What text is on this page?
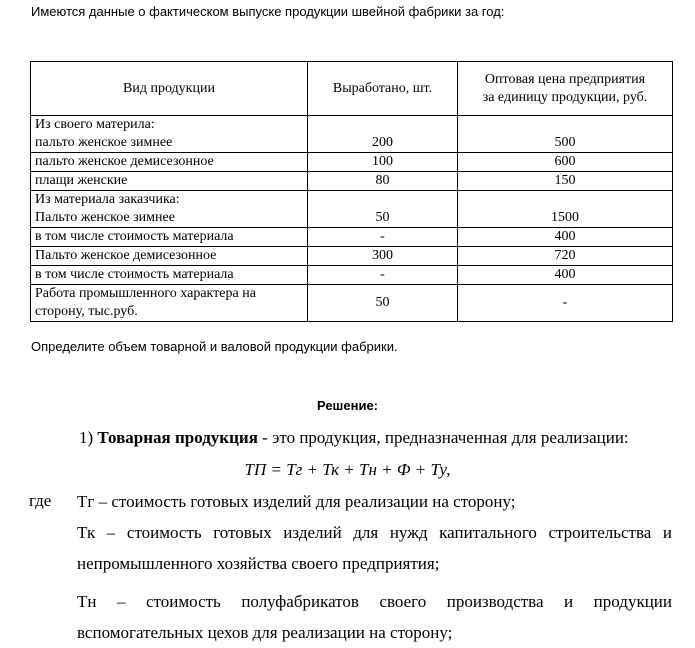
Имеются данные о фактическом выпуске продукции швейной фабрики за год:
Вид продукции	Выработано, шт.	Оптовая цена предприятия
за единицу продукции, руб.

Из своего материла:
пальто женское зимнее	200	500
пальто женское демисезонное	100	600
плащи женские	80	150

Из материала заказчика:
Пальто женское зимнее	50	1500
в том числе стоимость материала	-	400
Пальто женское демисезонное	300	720
в том числе стоимость материала	-	400

Работа промышленного характера на
сторону, тыс.руб.	50	-
Определите объем товарной и валовой продукции фабрики.
Решение:
1) Товарная продукция - это продукция, предназначенная для реализации:
ТП = Тг + Тк + Тн + Ф + Ту,
где Тг – стоимость готовых изделий для реализации на сторону;
Тк – стоимость готовых изделий для нужд капитального строительства и непромышленного хозяйства своего предприятия;
Тн – стоимость полуфабрикатов своего производства и продукции вспомогательных цехов для реализации на сторону;
